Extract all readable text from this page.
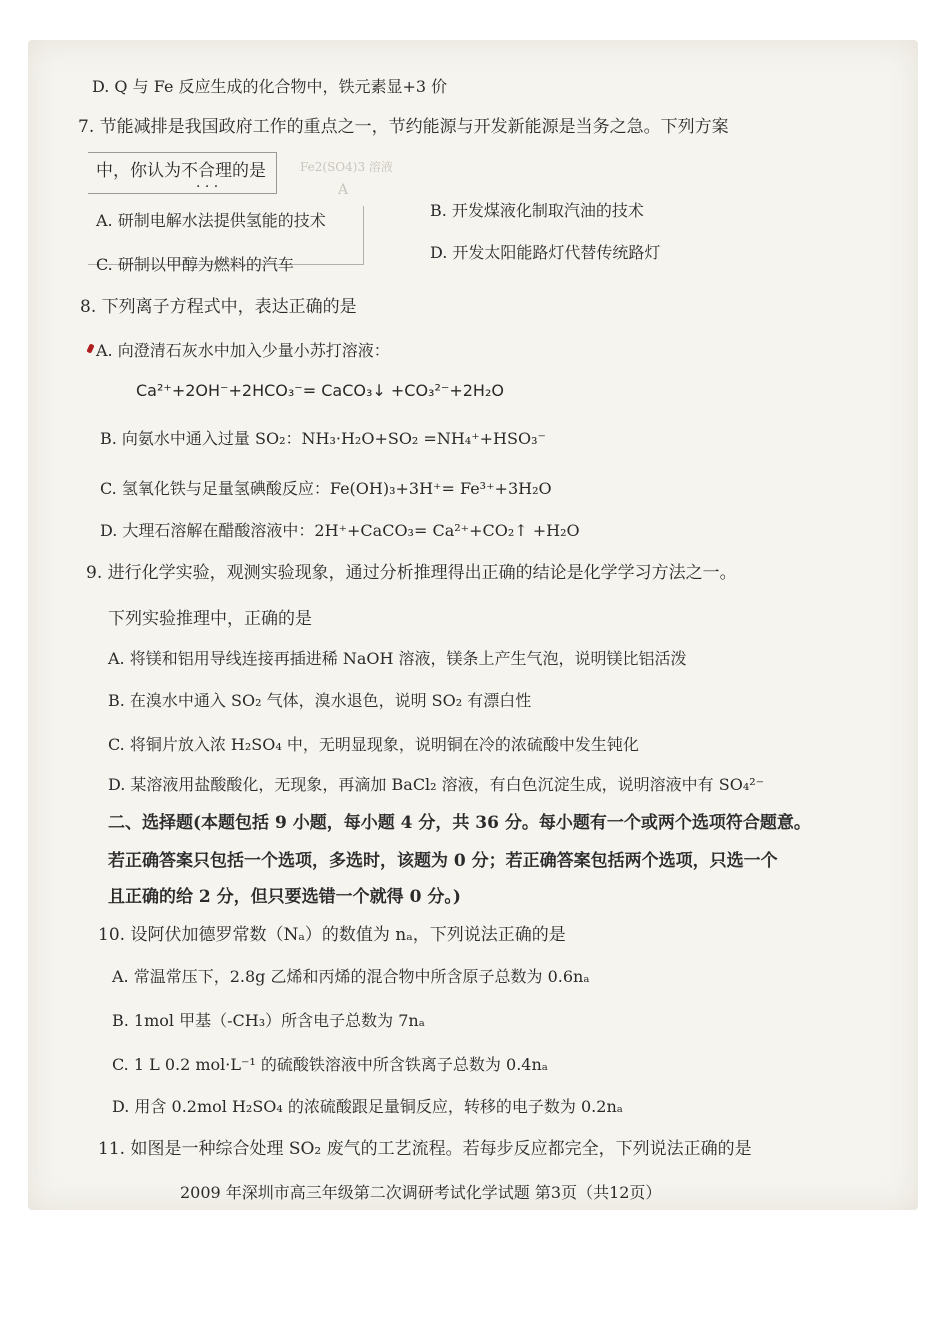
Fe2(SO4)3 溶液
A
D. Q 与 Fe 反应生成的化合物中，铁元素显+3 价
7. 节能减排是我国政府工作的重点之一，节约能源与开发新能源是当务之急。下列方案
中，你认为不合理的是
· · ·
A. 研制电解水法提供氢能的技术
B. 开发煤液化制取汽油的技术
C. 研制以甲醇为燃料的汽车
D. 开发太阳能路灯代替传统路灯
8. 下列离子方程式中，表达正确的是
A. 向澄清石灰水中加入少量小苏打溶液：
Ca²⁺+2OH⁻+2HCO₃⁻= CaCO₃↓ +CO₃²⁻+2H₂O
B. 向氨水中通入过量 SO₂：NH₃·H₂O+SO₂ =NH₄⁺+HSO₃⁻
C. 氢氧化铁与足量氢碘酸反应：Fe(OH)₃+3H⁺= Fe³⁺+3H₂O
D. 大理石溶解在醋酸溶液中：2H⁺+CaCO₃= Ca²⁺+CO₂↑ +H₂O
9. 进行化学实验，观测实验现象，通过分析推理得出正确的结论是化学学习方法之一。
下列实验推理中，正确的是
A. 将镁和铝用导线连接再插进稀 NaOH 溶液，镁条上产生气泡，说明镁比铝活泼
B. 在溴水中通入 SO₂ 气体，溴水退色，说明 SO₂ 有漂白性
C. 将铜片放入浓 H₂SO₄ 中，无明显现象，说明铜在冷的浓硫酸中发生钝化
D. 某溶液用盐酸酸化，无现象，再滴加 BaCl₂ 溶液，有白色沉淀生成，说明溶液中有 SO₄²⁻
二、选择题(本题包括 9 小题，每小题 4 分，共 36 分。每小题有一个或两个选项符合题意。
若正确答案只包括一个选项，多选时，该题为 0 分；若正确答案包括两个选项，只选一个
且正确的给 2 分，但只要选错一个就得 0 分。)
10. 设阿伏加德罗常数（Nₐ）的数值为 nₐ，下列说法正确的是
A. 常温常压下，2.8g 乙烯和丙烯的混合物中所含原子总数为 0.6nₐ
B. 1mol 甲基（-CH₃）所含电子总数为 7nₐ
C. 1 L 0.2 mol·L⁻¹ 的硫酸铁溶液中所含铁离子总数为 0.4nₐ
D. 用含 0.2mol H₂SO₄ 的浓硫酸跟足量铜反应，转移的电子数为 0.2nₐ
11. 如图是一种综合处理 SO₂ 废气的工艺流程。若每步反应都完全，下列说法正确的是
2009 年深圳市高三年级第二次调研考试化学试题 第3页（共12页）
